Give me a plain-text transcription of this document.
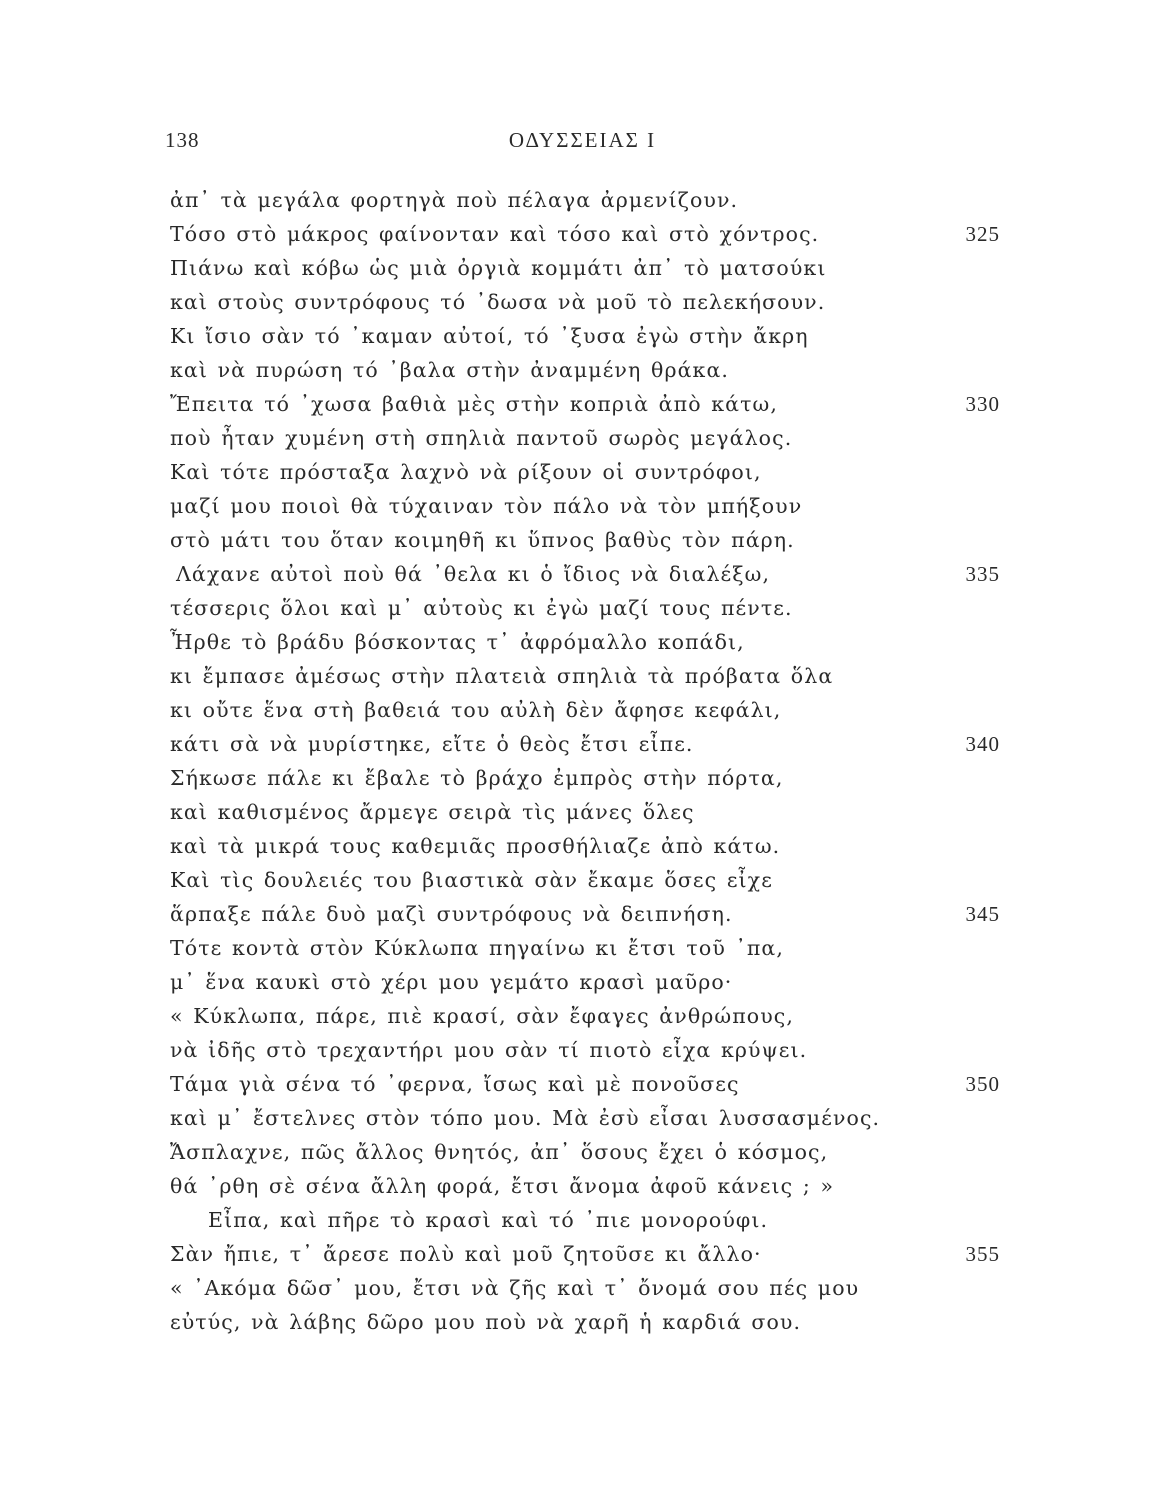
138	ΟΔΥΣΣΕΙΑΣ Ι
ἀπ᾿ τὰ μεγάλα φορτηγὰ ποὺ πέλαγα ἀρμενίζουν.
Τόσο στὸ μάκρος φαίνονταν καὶ τόσο καὶ στὸ χόντρος.	325
Πιάνω καὶ κόβω ὡς μιὰ ὀργιὰ κομμάτι ἀπ᾿ τὸ ματσούκι
καὶ στοὺς συντρόφους τό ᾿δωσα νὰ μοῦ τὸ πελεκήσουν.
Κι ἴσιο σὰν τό ᾿καμαν αὐτοί, τό ᾿ξυσα ἐγὼ στὴν ἄκρη
καὶ νὰ πυρώση τό ᾿βαλα στὴν ἀναμμένη θράκα.
Ἔπειτα τό ᾿χωσα βαθιὰ μὲς στὴν κοπριὰ ἀπὸ κάτω,	330
ποὺ ἦταν χυμένη στὴ σπηλιὰ παντοῦ σωρὸς μεγάλος.
Καὶ τότε πρόσταξα λαχνὸ νὰ ρίξουν οἱ συντρόφοι,
μαζί μου ποιοὶ θὰ τύχαιναν τὸν πάλο νὰ τὸν μπήξουν
στὸ μάτι του ὅταν κοιμηθῆ κι ὕπνος βαθὺς τὸν πάρη.
Λάχανε αὐτοὶ ποὺ θά ᾿θελα κι ὁ ἴδιος νὰ διαλέξω,	335
τέσσερις ὅλοι καὶ μ᾿ αὐτοὺς κι ἐγὼ μαζί τους πέντε.
Ἦρθε τὸ βράδυ βόσκοντας τ᾿ ἀφρόμαλλο κοπάδι,
κι ἔμπασε ἀμέσως στὴν πλατειὰ σπηλιὰ τὰ πρόβατα ὅλα
κι οὔτε ἕνα στὴ βαθειά του αὐλὴ δὲν ἄφησε κεφάλι,
κάτι σὰ νὰ μυρίστηκε, εἴτε ὁ θεὸς ἔτσι εἶπε.	340
Σήκωσε πάλε κι ἔβαλε τὸ βράχο ἐμπρὸς στὴν πόρτα,
καὶ καθισμένος ἄρμεγε σειρὰ τὶς μάνες ὅλες
καὶ τὰ μικρά τους καθεμιᾶς προσθήλιαζε ἀπὸ κάτω.
Καὶ τὶς δουλειές του βιαστικὰ σὰν ἔκαμε ὅσες εἶχε
ἅρπαξε πάλε δυὸ μαζὶ συντρόφους νὰ δειπνήση.	345
Τότε κοντὰ στὸν Κύκλωπα πηγαίνω κι ἔτσι τοῦ ᾿πα,
μ᾿ ἕνα καυκὶ στὸ χέρι μου γεμάτο κρασὶ μαῦρο·
« Κύκλωπα, πάρε, πιὲ κρασί, σὰν ἔφαγες ἀνθρώπους,
νὰ ἰδῆς στὸ τρεχαντήρι μου σὰν τί πιοτὸ εἶχα κρύψει.
Τάμα γιὰ σένα τό ᾿φερνα, ἴσως καὶ μὲ πονοῦσες	350
καὶ μ᾿ ἔστελνες στὸν τόπο μου. Μὰ ἐσὺ εἶσαι λυσσασμένος.
Ἄσπλαχνε, πῶς ἄλλος θνητός, ἀπ᾿ ὅσους ἔχει ὁ κόσμος,
θά ᾿ρθη σὲ σένα ἄλλη φορά, ἔτσι ἄνομα ἀφοῦ κάνεις ; »
Εἶπα, καὶ πῆρε τὸ κρασὶ καὶ τό ᾿πιε μονορούφι.
Σὰν ἤπιε, τ᾿ ἄρεσε πολὺ καὶ μοῦ ζητοῦσε κι ἄλλο·	355
« ᾿Ακόμα δῶσ᾿ μου, ἔτσι νὰ ζῆς καὶ τ᾿ ὄνομά σου πές μου
εὐτύς, νὰ λάβης δῶρο μου ποὺ νὰ χαρῆ ἡ καρδιά σου.
